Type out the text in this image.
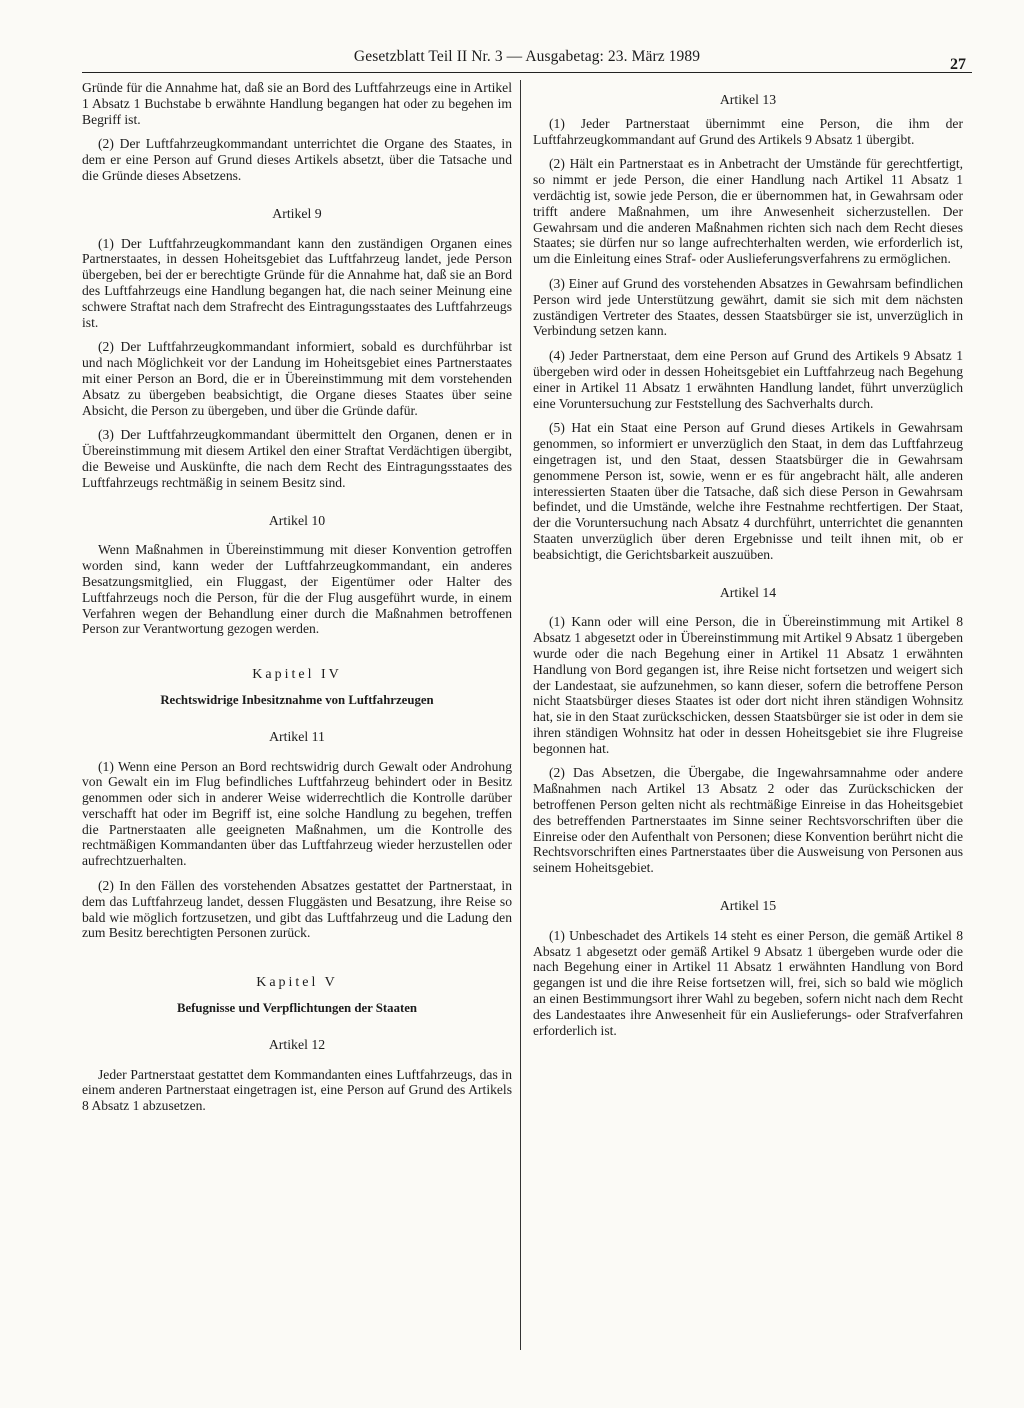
Gesetzblatt Teil II Nr. 3 — Ausgabetag: 23. März 1989	27

Gründe für die Annahme hat, daß sie an Bord des Luftfahrzeugs eine in Artikel 1 Absatz 1 Buchstabe b erwähnte Handlung begangen hat oder zu begehen im Begriff ist.

(2) Der Luftfahrzeugkommandant unterrichtet die Organe des Staates, in dem er eine Person auf Grund dieses Artikels absetzt, über die Tatsache und die Gründe dieses Absetzens.

Artikel 9

(1) Der Luftfahrzeugkommandant kann den zuständigen Organen eines Partnerstaates, in dessen Hoheitsgebiet das Luftfahrzeug landet, jede Person übergeben, bei der er berechtigte Gründe für die Annahme hat, daß sie an Bord des Luftfahrzeugs eine Handlung begangen hat, die nach seiner Meinung eine schwere Straftat nach dem Strafrecht des Eintragungsstaates des Luftfahrzeugs ist.

(2) Der Luftfahrzeugkommandant informiert, sobald es durchführbar ist und nach Möglichkeit vor der Landung im Hoheitsgebiet eines Partnerstaates mit einer Person an Bord, die er in Übereinstimmung mit dem vorstehenden Absatz zu übergeben beabsichtigt, die Organe dieses Staates über seine Absicht, die Person zu übergeben, und über die Gründe dafür.

(3) Der Luftfahrzeugkommandant übermittelt den Organen, denen er in Übereinstimmung mit diesem Artikel den einer Straftat Verdächtigen übergibt, die Beweise und Auskünfte, die nach dem Recht des Eintragungsstaates des Luftfahrzeugs rechtmäßig in seinem Besitz sind.

Artikel 10

Wenn Maßnahmen in Übereinstimmung mit dieser Konvention getroffen worden sind, kann weder der Luftfahrzeugkommandant, ein anderes Besatzungsmitglied, ein Fluggast, der Eigentümer oder Halter des Luftfahrzeugs noch die Person, für die der Flug ausgeführt wurde, in einem Verfahren wegen der Behandlung einer durch die Maßnahmen betroffenen Person zur Verantwortung gezogen werden.

Kapitel IV

Rechtswidrige Inbesitznahme von Luftfahrzeugen

Artikel 11

(1) Wenn eine Person an Bord rechtswidrig durch Gewalt oder Androhung von Gewalt ein im Flug befindliches Luftfahrzeug behindert oder in Besitz genommen oder sich in anderer Weise widerrechtlich die Kontrolle darüber verschafft hat oder im Begriff ist, eine solche Handlung zu begehen, treffen die Partnerstaaten alle geeigneten Maßnahmen, um die Kontrolle des rechtmäßigen Kommandanten über das Luftfahrzeug wieder herzustellen oder aufrechtzuerhalten.

(2) In den Fällen des vorstehenden Absatzes gestattet der Partnerstaat, in dem das Luftfahrzeug landet, dessen Fluggästen und Besatzung, ihre Reise so bald wie möglich fortzusetzen, und gibt das Luftfahrzeug und die Ladung den zum Besitz berechtigten Personen zurück.

Kapitel V

Befugnisse und Verpflichtungen der Staaten

Artikel 12

Jeder Partnerstaat gestattet dem Kommandanten eines Luftfahrzeugs, das in einem anderen Partnerstaat eingetragen ist, eine Person auf Grund des Artikels 8 Absatz 1 abzusetzen.

Artikel 13

(1) Jeder Partnerstaat übernimmt eine Person, die ihm der Luftfahrzeugkommandant auf Grund des Artikels 9 Absatz 1 übergibt.

(2) Hält ein Partnerstaat es in Anbetracht der Umstände für gerechtfertigt, so nimmt er jede Person, die einer Handlung nach Artikel 11 Absatz 1 verdächtig ist, sowie jede Person, die er übernommen hat, in Gewahrsam oder trifft andere Maßnahmen, um ihre Anwesenheit sicherzustellen. Der Gewahrsam und die anderen Maßnahmen richten sich nach dem Recht dieses Staates; sie dürfen nur so lange aufrechterhalten werden, wie erforderlich ist, um die Einleitung eines Straf- oder Auslieferungsverfahrens zu ermöglichen.

(3) Einer auf Grund des vorstehenden Absatzes in Gewahrsam befindlichen Person wird jede Unterstützung gewährt, damit sie sich mit dem nächsten zuständigen Vertreter des Staates, dessen Staatsbürger sie ist, unverzüglich in Verbindung setzen kann.

(4) Jeder Partnerstaat, dem eine Person auf Grund des Artikels 9 Absatz 1 übergeben wird oder in dessen Hoheitsgebiet ein Luftfahrzeug nach Begehung einer in Artikel 11 Absatz 1 erwähnten Handlung landet, führt unverzüglich eine Voruntersuchung zur Feststellung des Sachverhalts durch.

(5) Hat ein Staat eine Person auf Grund dieses Artikels in Gewahrsam genommen, so informiert er unverzüglich den Staat, in dem das Luftfahrzeug eingetragen ist, und den Staat, dessen Staatsbürger die in Gewahrsam genommene Person ist, sowie, wenn er es für angebracht hält, alle anderen interessierten Staaten über die Tatsache, daß sich diese Person in Gewahrsam befindet, und die Umstände, welche ihre Festnahme rechtfertigen. Der Staat, der die Voruntersuchung nach Absatz 4 durchführt, unterrichtet die genannten Staaten unverzüglich über deren Ergebnisse und teilt ihnen mit, ob er beabsichtigt, die Gerichtsbarkeit auszuüben.

Artikel 14

(1) Kann oder will eine Person, die in Übereinstimmung mit Artikel 8 Absatz 1 abgesetzt oder in Übereinstimmung mit Artikel 9 Absatz 1 übergeben wurde oder die nach Begehung einer in Artikel 11 Absatz 1 erwähnten Handlung von Bord gegangen ist, ihre Reise nicht fortsetzen und weigert sich der Landestaat, sie aufzunehmen, so kann dieser, sofern die betroffene Person nicht Staatsbürger dieses Staates ist oder dort nicht ihren ständigen Wohnsitz hat, sie in den Staat zurückschicken, dessen Staatsbürger sie ist oder in dem sie ihren ständigen Wohnsitz hat oder in dessen Hoheitsgebiet sie ihre Flugreise begonnen hat.

(2) Das Absetzen, die Übergabe, die Ingewahrsamnahme oder andere Maßnahmen nach Artikel 13 Absatz 2 oder das Zurückschicken der betroffenen Person gelten nicht als rechtmäßige Einreise in das Hoheitsgebiet des betreffenden Partnerstaates im Sinne seiner Rechtsvorschriften über die Einreise oder den Aufenthalt von Personen; diese Konvention berührt nicht die Rechtsvorschriften eines Partnerstaates über die Ausweisung von Personen aus seinem Hoheitsgebiet.

Artikel 15

(1) Unbeschadet des Artikels 14 steht es einer Person, die gemäß Artikel 8 Absatz 1 abgesetzt oder gemäß Artikel 9 Absatz 1 übergeben wurde oder die nach Begehung einer in Artikel 11 Absatz 1 erwähnten Handlung von Bord gegangen ist und die ihre Reise fortsetzen will, frei, sich so bald wie möglich an einen Bestimmungsort ihrer Wahl zu begeben, sofern nicht nach dem Recht des Landestaates ihre Anwesenheit für ein Auslieferungs- oder Strafverfahren erforderlich ist.
